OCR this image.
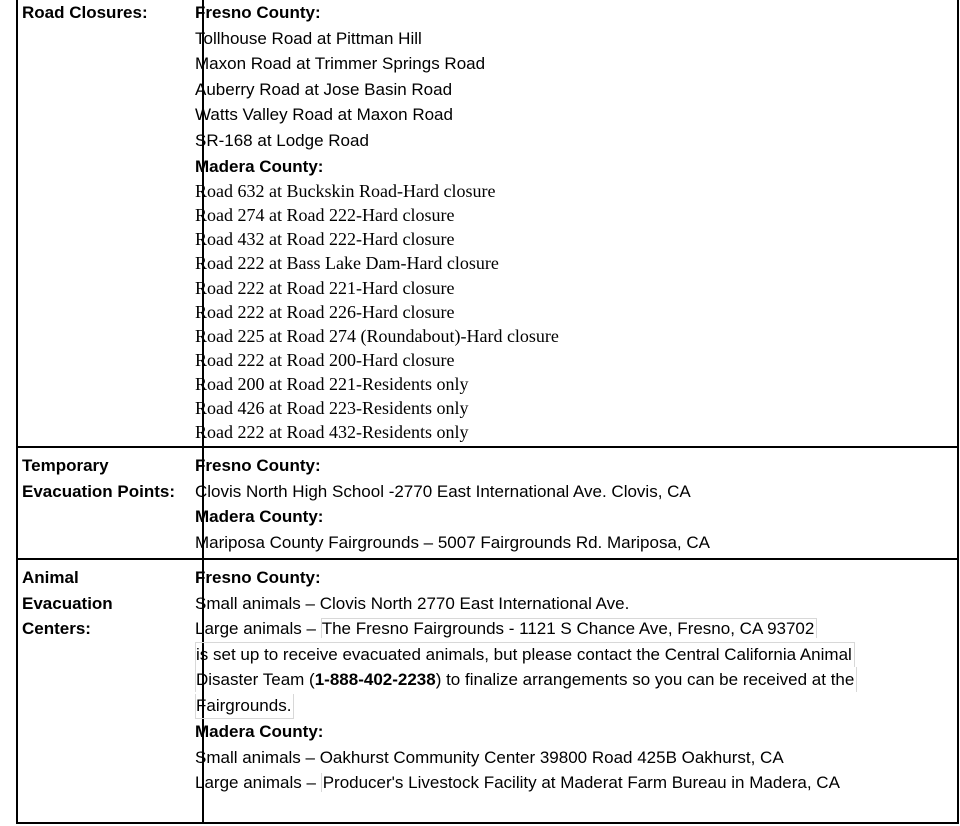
Road Closures:	Fresno County:
Tollhouse Road at Pittman Hill
Maxon Road at Trimmer Springs Road
Auberry Road at Jose Basin Road
Watts Valley Road at Maxon Road
SR-168 at Lodge Road
Madera County:
Road 632 at Buckskin Road-Hard closure
Road 274 at Road 222-Hard closure
Road 432 at Road 222-Hard closure
Road 222 at Bass Lake Dam-Hard closure
Road 222 at Road 221-Hard closure
Road 222 at Road 226-Hard closure
Road 225 at Road 274 (Roundabout)-Hard closure
Road 222 at Road 200-Hard closure
Road 200 at Road 221-Residents only
Road 426 at Road 223-Residents only
Road 222 at Road 432-Residents only
Temporary
Evacuation Points:
Fresno County:
Clovis North High School -2770 East International Ave. Clovis, CA
Madera County:
Mariposa County Fairgrounds – 5007 Fairgrounds Rd. Mariposa, CA
Animal
Evacuation
Centers:
Fresno County:
Small animals – Clovis North 2770 East International Ave.
Large animals – The Fresno Fairgrounds - 1121 S Chance Ave, Fresno, CA 93702
is set up to receive evacuated animals, but please contact the Central California Animal
Disaster Team (1-888-402-2238) to finalize arrangements so you can be received at the
Fairgrounds.
Madera County:
Small animals – Oakhurst Community Center 39800 Road 425B Oakhurst, CA
Large animals – Producer's Livestock Facility at Maderat Farm Bureau in Madera, CA
